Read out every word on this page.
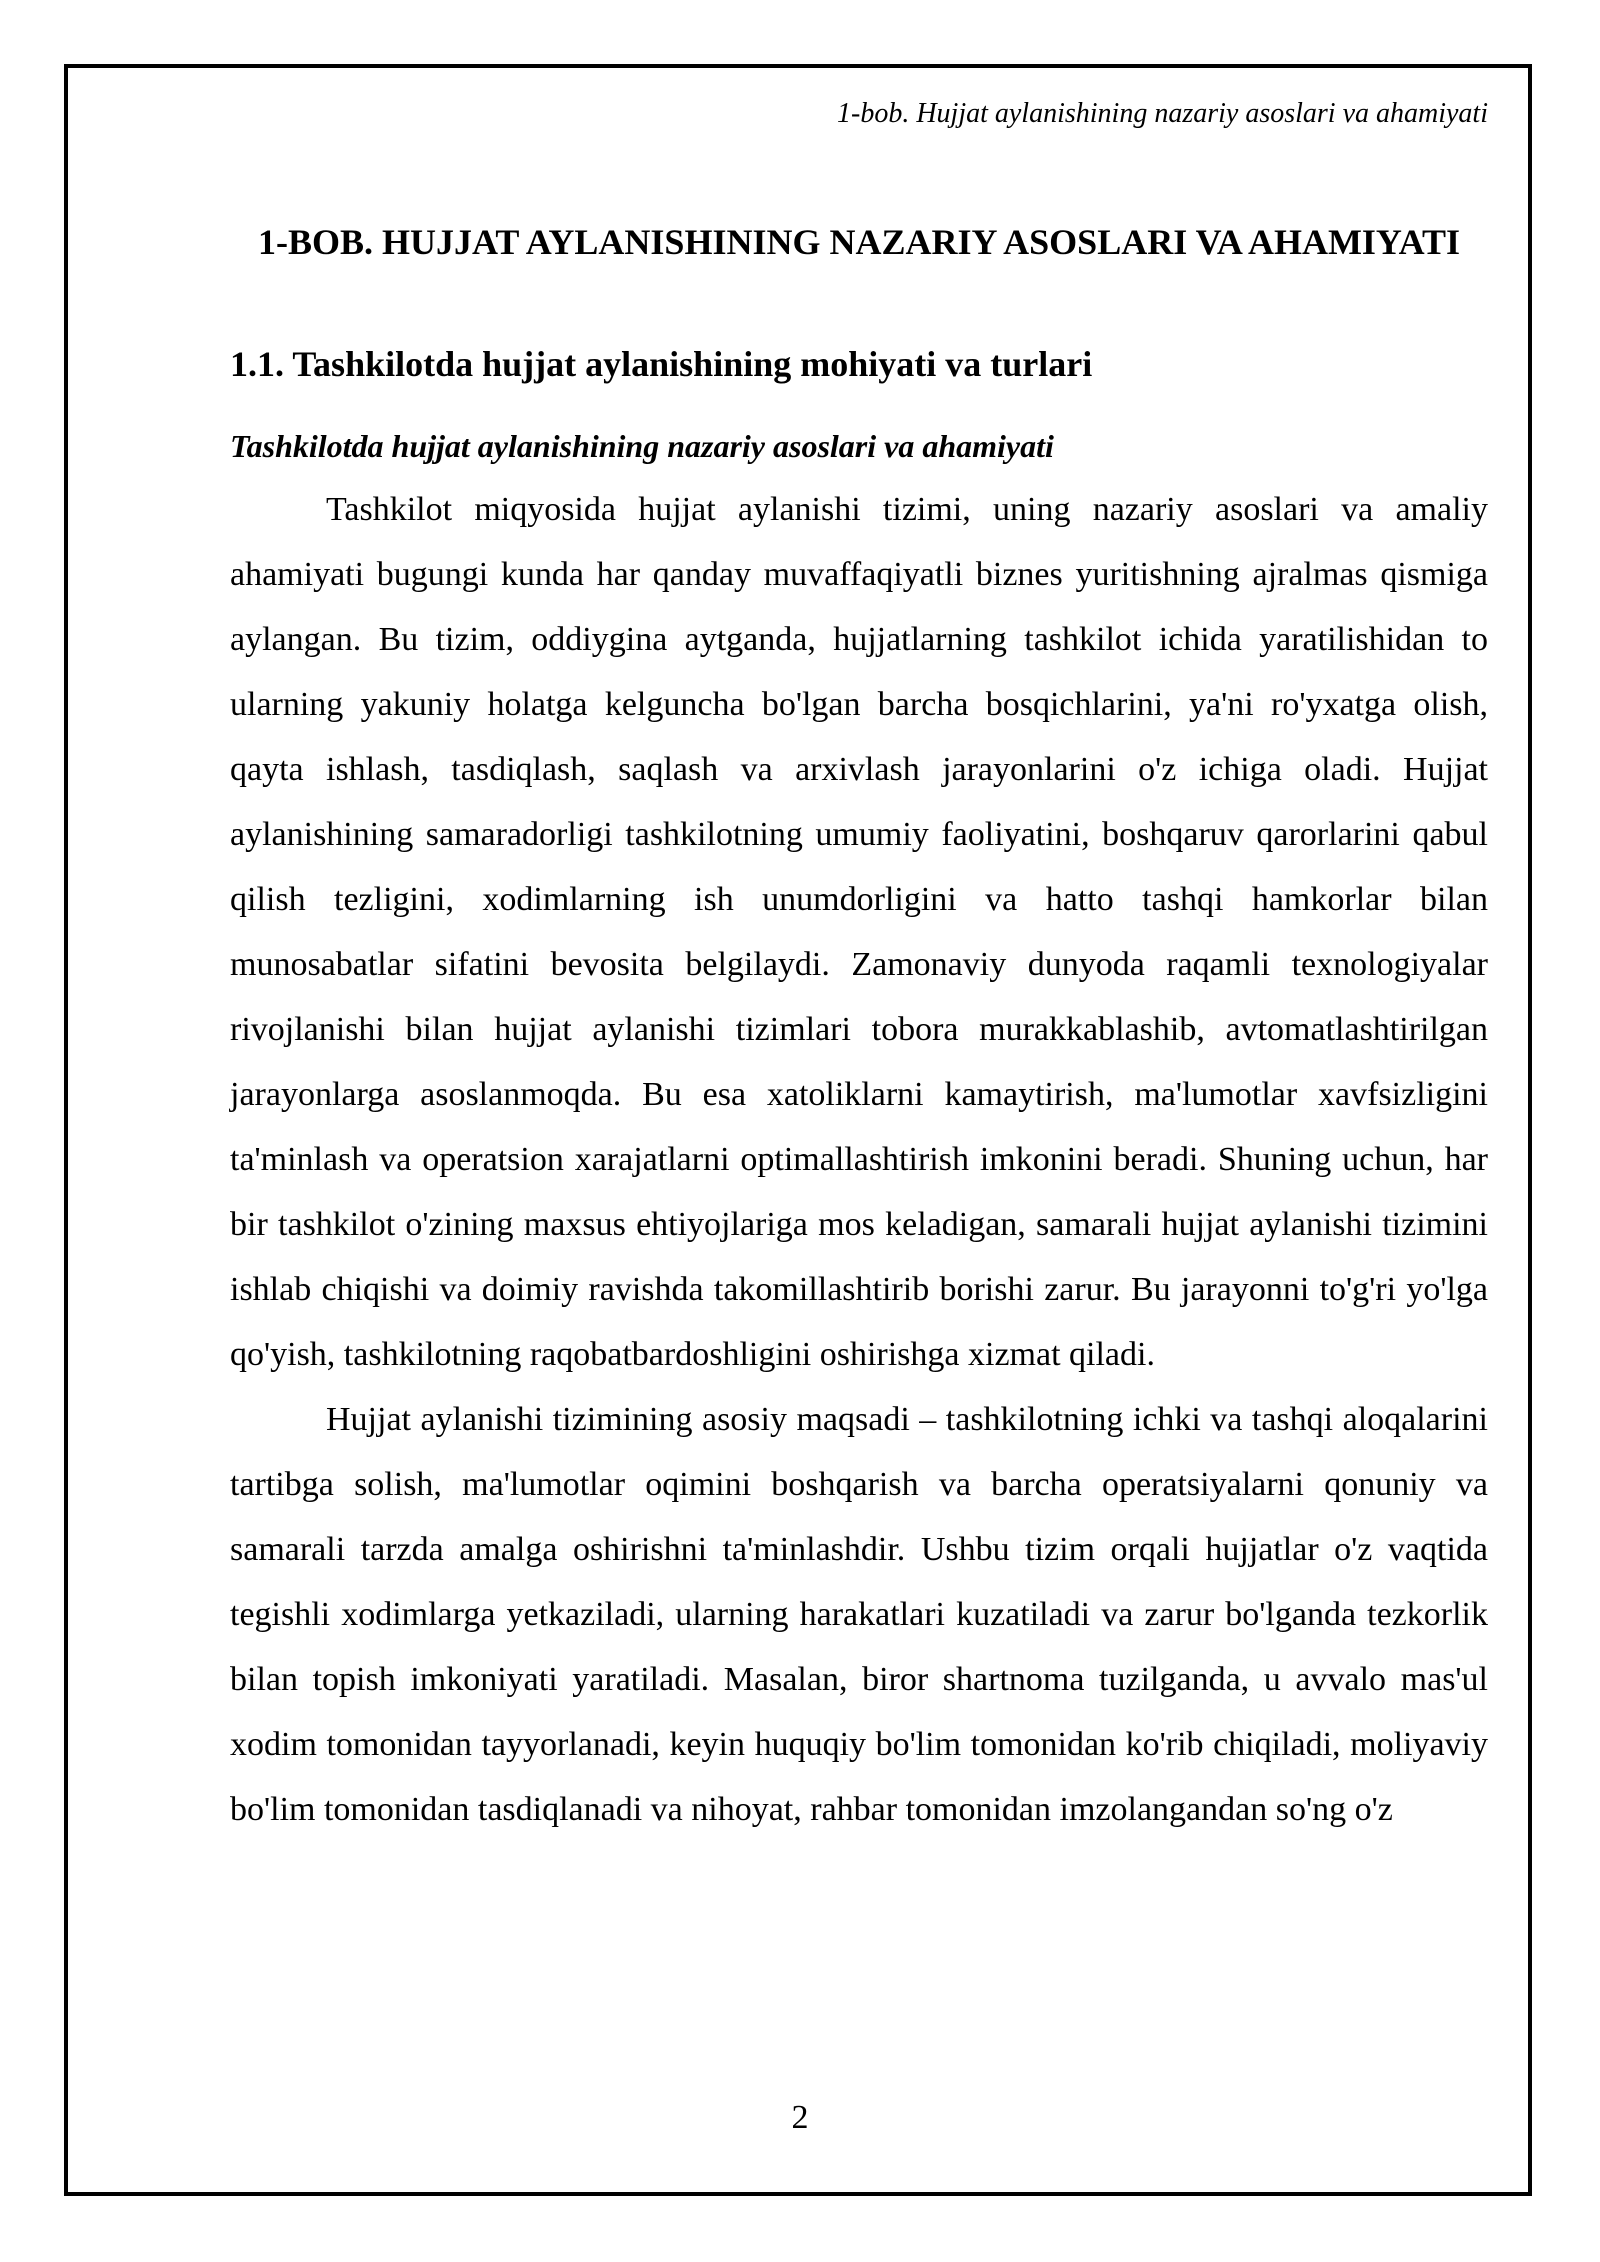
1-bob. Hujjat aylanishining nazariy asoslari va ahamiyati
1-BOB. HUJJAT AYLANISHINING NAZARIY ASOSLARI VA AHAMIYATI
1.1. Tashkilotda hujjat aylanishining mohiyati va turlari
Tashkilotda hujjat aylanishining nazariy asoslari va ahamiyati

Tashkilot miqyosida hujjat aylanishi tizimi, uning nazariy asoslari va amaliy ahamiyati bugungi kunda har qanday muvaffaqiyatli biznes yuritishning ajralmas qismiga aylangan. Bu tizim, oddiygina aytganda, hujjatlarning tashkilot ichida yaratilishidan to ularning yakuniy holatga kelguncha bo'lgan barcha bosqichlarini, ya'ni ro'yxatga olish, qayta ishlash, tasdiqlash, saqlash va arxivlash jarayonlarini o'z ichiga oladi. Hujjat aylanishining samaradorligi tashkilotning umumiy faoliyatini, boshqaruv qarorlarini qabul qilish tezligini, xodimlarning ish unumdorligini va hatto tashqi hamkorlar bilan munosabatlar sifatini bevosita belgilaydi. Zamonaviy dunyoda raqamli texnologiyalar rivojlanishi bilan hujjat aylanishi tizimlari tobora murakkablashib, avtomatlashtirilgan jarayonlarga asoslanmoqda. Bu esa xatoliklarni kamaytirish, ma'lumotlar xavfsizligini ta'minlash va operatsion xarajatlarni optimallashtirish imkonini beradi. Shuning uchun, har bir tashkilot o'zining maxsus ehtiyojlariga mos keladigan, samarali hujjat aylanishi tizimini ishlab chiqishi va doimiy ravishda takomillashtirib borishi zarur. Bu jarayonni to'g'ri yo'lga qo'yish, tashkilotning raqobatbardoshligini oshirishga xizmat qiladi.

Hujjat aylanishi tizimining asosiy maqsadi – tashkilotning ichki va tashqi aloqalarini tartibga solish, ma'lumotlar oqimini boshqarish va barcha operatsiyalarni qonuniy va samarali tarzda amalga oshirishni ta'minlashdir. Ushbu tizim orqali hujjatlar o'z vaqtida tegishli xodimlarga yetkaziladi, ularning harakatlari kuzatiladi va zarur bo'lganda tezkorlik bilan topish imkoniyati yaratiladi. Masalan, biror shartnoma tuzilganda, u avvalo mas'ul xodim tomonidan tayyorlanadi, keyin huquqiy bo'lim tomonidan ko'rib chiqiladi, moliyaviy bo'lim tomonidan tasdiqlanadi va nihoyat, rahbar tomonidan imzolangandan so'ng o'z

2
